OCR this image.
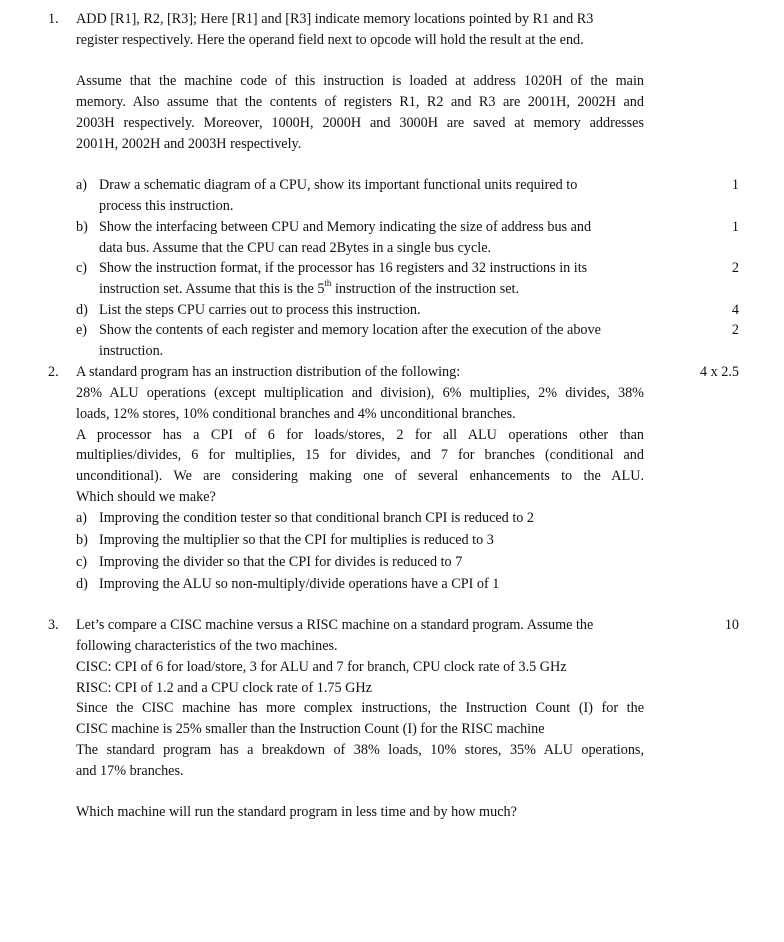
1. ADD [R1], R2, [R3]; Here [R1] and [R3] indicate memory locations pointed by R1 and R3
register respectively. Here the operand field next to opcode will hold the result at the end.
Assume that the machine code of this instruction is loaded at address 1020H of the main
memory. Also assume that the contents of registers R1, R2 and R3 are 2001H, 2002H and
2003H respectively. Moreover, 1000H, 2000H and 3000H are saved at memory addresses
2001H, 2002H and 2003H respectively.
a) Draw a schematic diagram of a CPU, show its important functional units required to
process this instruction.
1
b) Show the interfacing between CPU and Memory indicating the size of address bus and
data bus. Assume that the CPU can read 2Bytes in a single bus cycle.
1
c) Show the instruction format, if the processor has 16 registers and 32 instructions in its
instruction set. Assume that this is the 5th instruction of the instruction set.
2
d) List the steps CPU carries out to process this instruction.	4
e) Show the contents of each register and memory location after the execution of the above
instruction.
2
2. A standard program has an instruction distribution of the following:	4 x 2.5
28% ALU operations (except multiplication and division), 6% multiplies, 2% divides, 38%
loads, 12% stores, 10% conditional branches and 4% unconditional branches.
A processor has a CPI of 6 for loads/stores, 2 for all ALU operations other than
multiplies/divides, 6 for multiplies, 15 for divides, and 7 for branches (conditional and
unconditional). We are considering making one of several enhancements to the ALU.
Which should we make?
a) Improving the condition tester so that conditional branch CPI is reduced to 2
b) Improving the multiplier so that the CPI for multiplies is reduced to 3
c) Improving the divider so that the CPI for divides is reduced to 7
d) Improving the ALU so non-multiply/divide operations have a CPI of 1
3. Let’s compare a CISC machine versus a RISC machine on a standard program. Assume the	10
following characteristics of the two machines.
CISC: CPI of 6 for load/store, 3 for ALU and 7 for branch, CPU clock rate of 3.5 GHz
RISC: CPI of 1.2 and a CPU clock rate of 1.75 GHz
Since the CISC machine has more complex instructions, the Instruction Count (I) for the
CISC machine is 25% smaller than the Instruction Count (I) for the RISC machine
The standard program has a breakdown of 38% loads, 10% stores, 35% ALU operations,
and 17% branches.
Which machine will run the standard program in less time and by how much?
